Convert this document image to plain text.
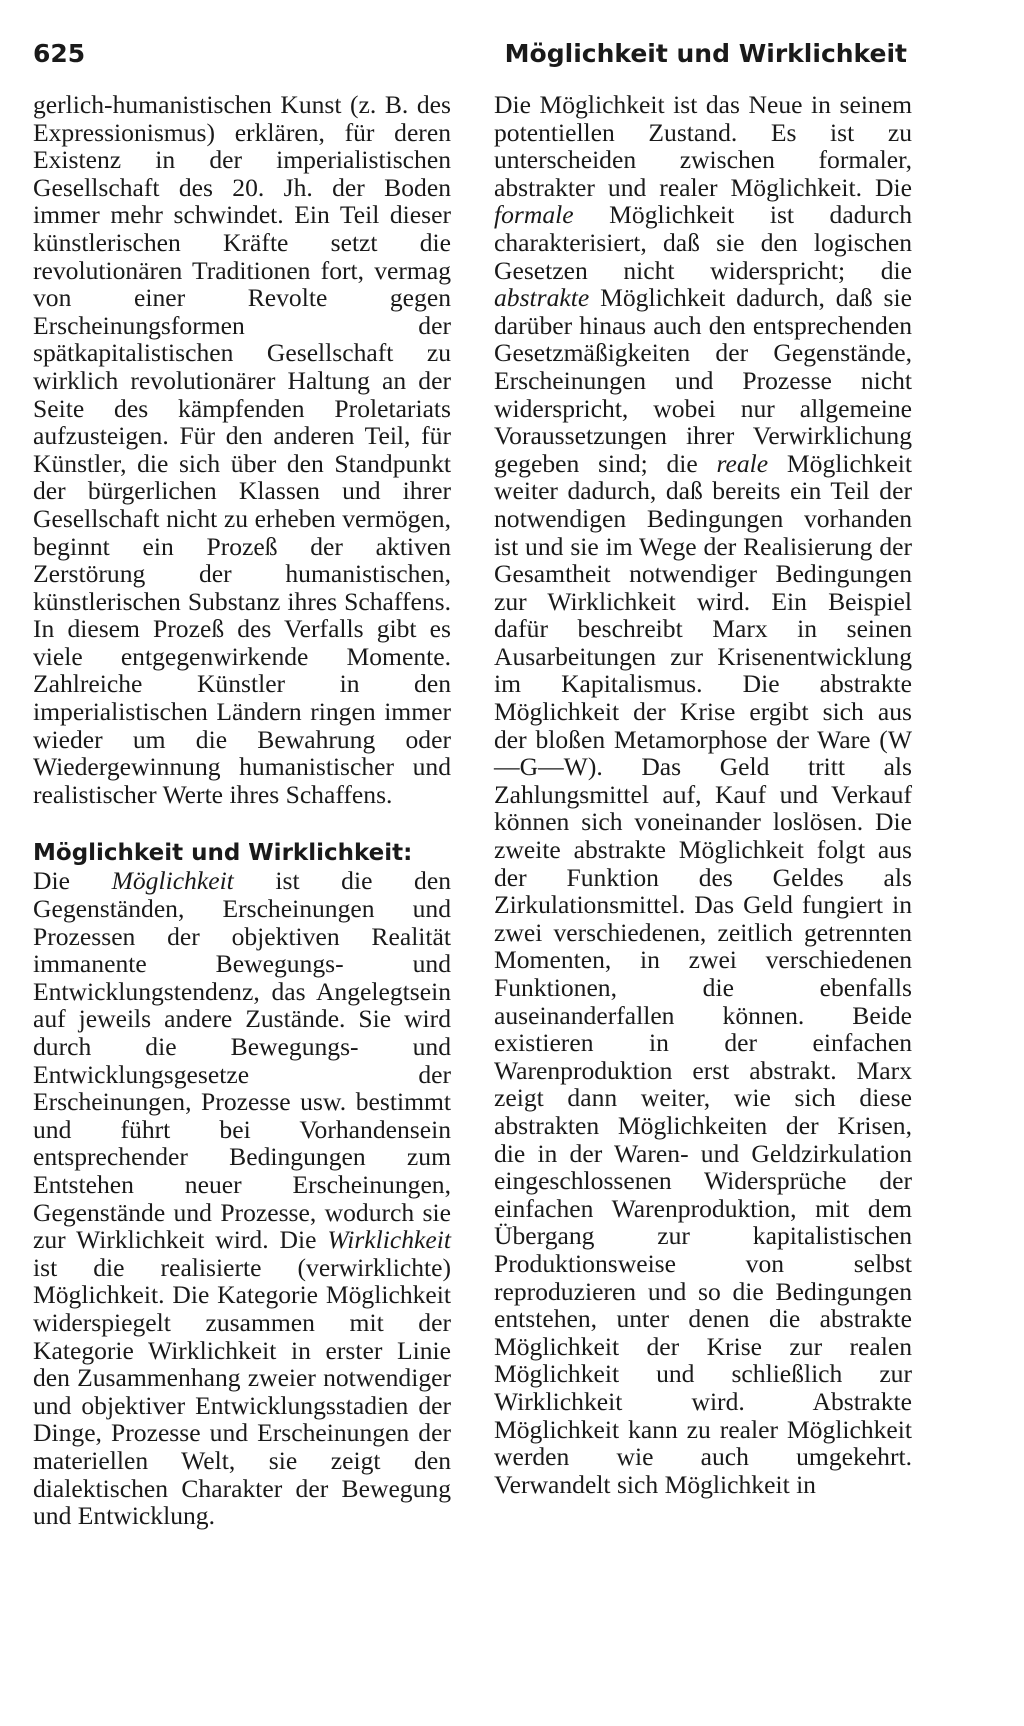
625	Möglichkeit und Wirklichkeit

gerlich-humanistischen Kunst (z. B. des Expressionismus) erklären, für deren Existenz in der imperialistischen Gesellschaft des 20. Jh. der Boden immer mehr schwindet. Ein Teil dieser künstlerischen Kräfte setzt die revolutionären Traditionen fort, vermag von einer Revolte gegen Erscheinungsformen der spätkapitalistischen Gesellschaft zu wirklich revolutionärer Haltung an der Seite des kämpfenden Proletariats aufzusteigen. Für den anderen Teil, für Künstler, die sich über den Standpunkt der bürgerlichen Klassen und ihrer Gesellschaft nicht zu erheben vermögen, beginnt ein Prozeß der aktiven Zerstörung der humanistischen, künstlerischen Substanz ihres Schaffens. In diesem Prozeß des Verfalls gibt es viele entgegenwirkende Momente. Zahlreiche Künstler in den imperialistischen Ländern ringen immer wieder um die Bewahrung oder Wiedergewinnung humanistischer und realistischer Werte ihres Schaffens.

Möglichkeit und Wirklichkeit:
Die Möglichkeit ist die den Gegenständen, Erscheinungen und Prozessen der objektiven Realität immanente Bewegungs- und Entwicklungstendenz, das Angelegtsein auf jeweils andere Zustände. Sie wird durch die Bewegungs- und Entwicklungsgesetze der Erscheinungen, Prozesse usw. bestimmt und führt bei Vorhandensein entsprechender Bedingungen zum Entstehen neuer Erscheinungen, Gegenstände und Prozesse, wodurch sie zur Wirklichkeit wird. Die Wirklichkeit ist die realisierte (verwirklichte) Möglichkeit. Die Kategorie Möglichkeit widerspiegelt zusammen mit der Kategorie Wirklichkeit in erster Linie den Zusammenhang zweier notwendiger und objektiver Entwicklungsstadien der Dinge, Prozesse und Erscheinungen der materiellen Welt, sie zeigt den dialektischen Charakter der Bewegung und Entwicklung.

Die Möglichkeit ist das Neue in seinem potentiellen Zustand. Es ist zu unterscheiden zwischen formaler, abstrakter und realer Möglichkeit. Die formale Möglichkeit ist dadurch charakterisiert, daß sie den logischen Gesetzen nicht widerspricht; die abstrakte Möglichkeit dadurch, daß sie darüber hinaus auch den entsprechenden Gesetzmäßigkeiten der Gegenstände, Erscheinungen und Prozesse nicht widerspricht, wobei nur allgemeine Voraussetzungen ihrer Verwirklichung gegeben sind; die reale Möglichkeit weiter dadurch, daß bereits ein Teil der notwendigen Bedingungen vorhanden ist und sie im Wege der Realisierung der Gesamtheit notwendiger Bedingungen zur Wirklichkeit wird. Ein Beispiel dafür beschreibt Marx in seinen Ausarbeitungen zur Krisenentwicklung im Kapitalismus. Die abstrakte Möglichkeit der Krise ergibt sich aus der bloßen Metamorphose der Ware (W—G—W). Das Geld tritt als Zahlungsmittel auf, Kauf und Verkauf können sich voneinander loslösen. Die zweite abstrakte Möglichkeit folgt aus der Funktion des Geldes als Zirkulationsmittel. Das Geld fungiert in zwei verschiedenen, zeitlich getrennten Momenten, in zwei verschiedenen Funktionen, die ebenfalls auseinanderfallen können. Beide existieren in der einfachen Warenproduktion erst abstrakt. Marx zeigt dann weiter, wie sich diese abstrakten Möglichkeiten der Krisen, die in der Waren- und Geldzirkulation eingeschlossenen Widersprüche der einfachen Warenproduktion, mit dem Übergang zur kapitalistischen Produktionsweise von selbst reproduzieren und so die Bedingungen entstehen, unter denen die abstrakte Möglichkeit der Krise zur realen Möglichkeit und schließlich zur Wirklichkeit wird. Abstrakte Möglichkeit kann zu realer Möglichkeit werden wie auch umgekehrt. Verwandelt sich Möglichkeit in
